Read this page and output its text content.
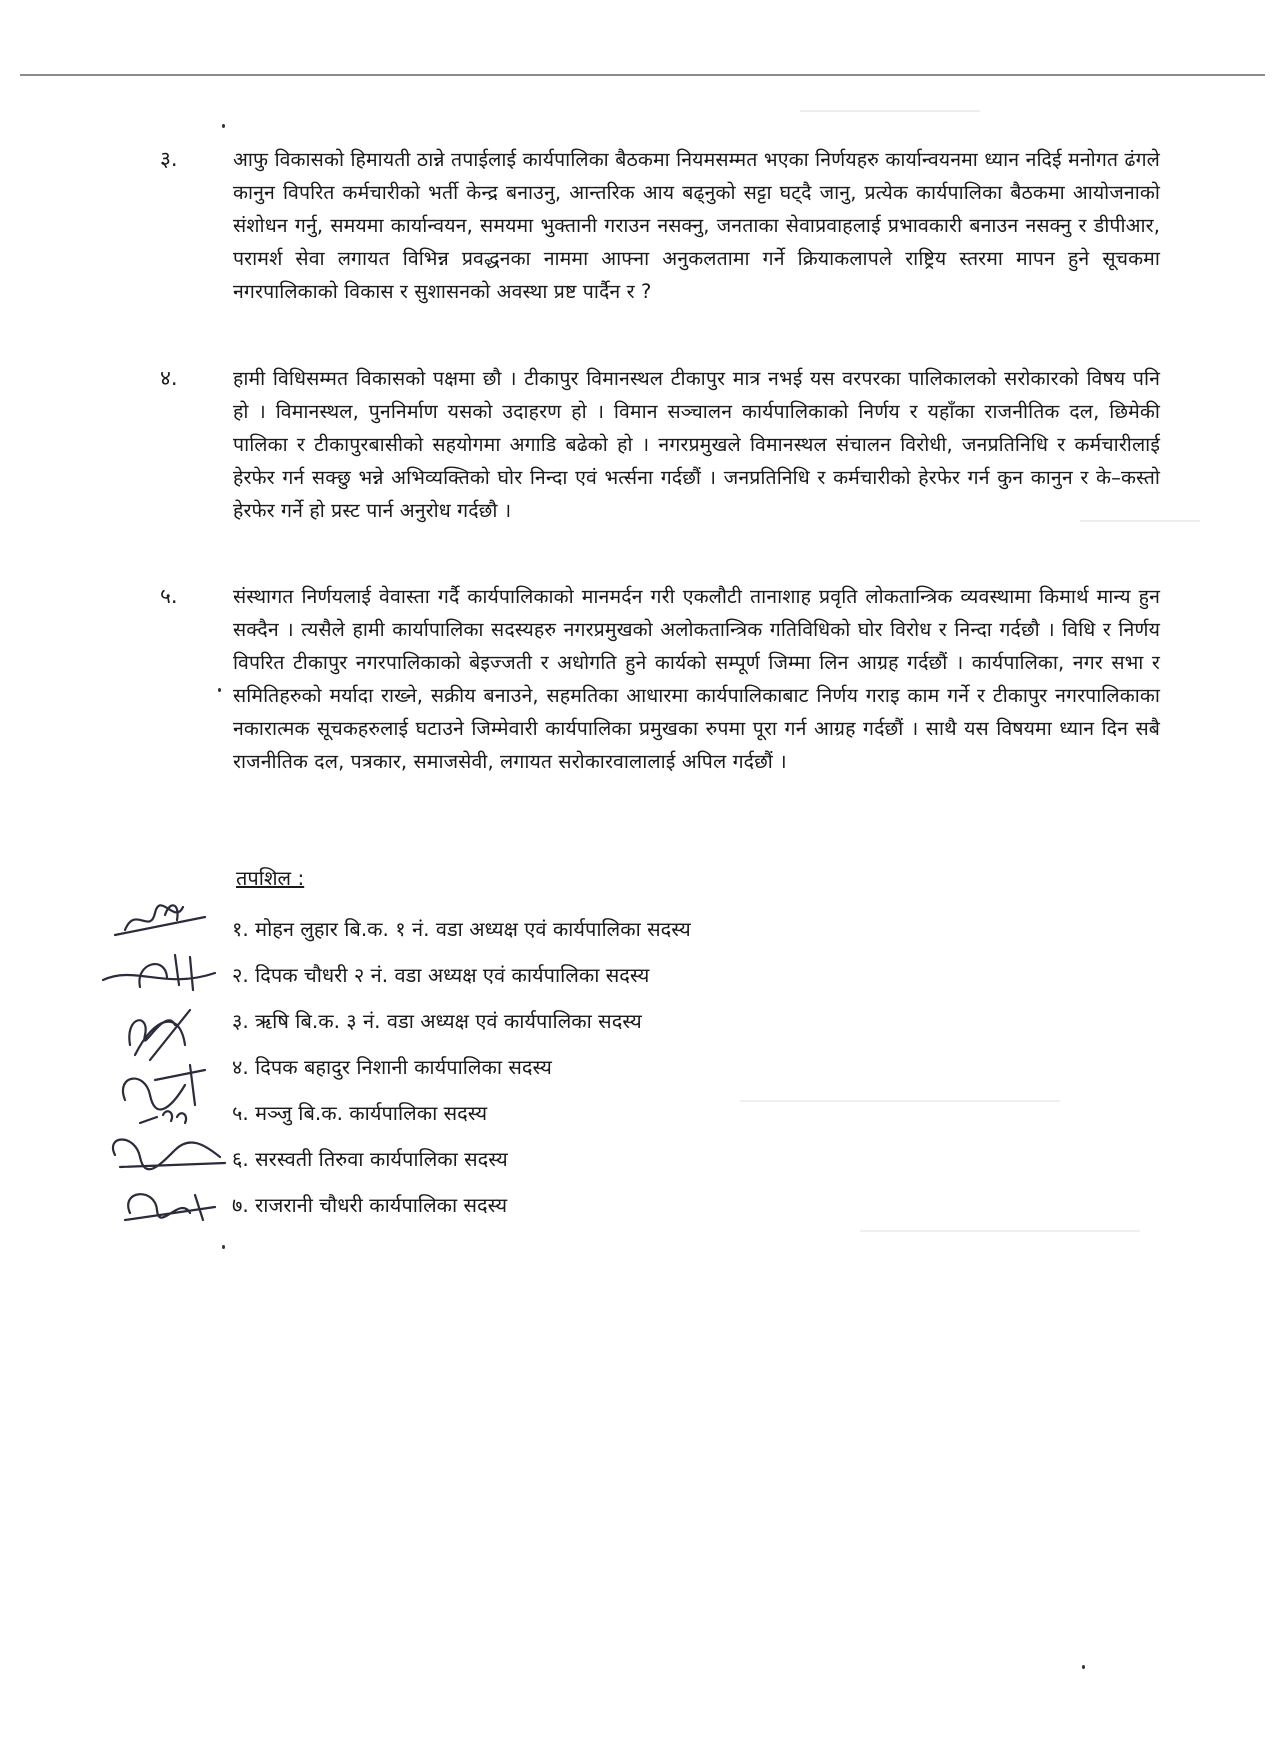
३.	आफु विकासको हिमायती ठान्ने तपाईलाई कार्यपालिका बैठकमा नियमसम्मत भएका निर्णयहरु कार्यान्वयनमा ध्यान नदिई मनोगत ढंगले कानुन विपरित कर्मचारीको भर्ती केन्द्र बनाउनु, आन्तरिक आय बढ्नुको सट्टा घट्दै जानु, प्रत्येक कार्यपालिका बैठकमा आयोजनाको संशोधन गर्नु, समयमा कार्यान्वयन, समयमा भुक्तानी गराउन नसक्नु, जनताका सेवाप्रवाहलाई प्रभावकारी बनाउन नसक्नु र डीपीआर, परामर्श सेवा लगायत विभिन्न प्रवद्धनका नाममा आफ्ना अनुकलतामा गर्ने क्रियाकलापले राष्ट्रिय स्तरमा मापन हुने सूचकमा नगरपालिकाको विकास र सुशासनको अवस्था प्रष्ट पार्दैन र ?
४.	हामी विधिसम्मत विकासको पक्षमा छौ । टीकापुर विमानस्थल टीकापुर मात्र नभई यस वरपरका पालिकालको सरोकारको विषय पनि हो । विमानस्थल, पुननिर्माण यसको उदाहरण हो । विमान सञ्चालन कार्यपालिकाको निर्णय र यहाँका राजनीतिक दल, छिमेकी पालिका र टीकापुरबासीको सहयोगमा अगाडि बढेको हो । नगरप्रमुखले विमानस्थल संचालन विरोधी, जनप्रतिनिधि र कर्मचारीलाई हेरफेर गर्न सक्छु भन्ने अभिव्यक्तिको घोर निन्दा एवं भर्त्सना गर्दछौं । जनप्रतिनिधि र कर्मचारीको हेरफेर गर्न कुन कानुन र के–कस्तो हेरफेर गर्ने हो प्रस्ट पार्न अनुरोध गर्दछौ ।
५.	संस्थागत निर्णयलाई वेवास्ता गर्दै कार्यपालिकाको मानमर्दन गरी एकलौटी तानाशाह प्रवृति लोकतान्त्रिक व्यवस्थामा किमार्थ मान्य हुन सक्दैन । त्यसैले हामी कार्यापालिका सदस्यहरु नगरप्रमुखको अलोकतान्त्रिक गतिविधिको घोर विरोध र निन्दा गर्दछौ । विधि र निर्णय विपरित टीकापुर नगरपालिकाको बेइज्जती र अधोगति हुने कार्यको सम्पूर्ण जिम्मा लिन आग्रह गर्दछौं । कार्यपालिका, नगर सभा र समितिहरुको मर्यादा राख्ने, सक्रीय बनाउने, सहमतिका आधारमा कार्यपालिकाबाट निर्णय गराइ काम गर्ने र टीकापुर नगरपालिकाका नकारात्मक सूचकहरुलाई घटाउने जिम्मेवारी कार्यपालिका प्रमुखका रुपमा पूरा गर्न आग्रह गर्दछौं । साथै यस विषयमा ध्यान दिन सबै राजनीतिक दल, पत्रकार, समाजसेवी, लगायत सरोकारवालालाई अपिल गर्दछौं ।
तपशिल :
१. मोहन लुहार बि.क. १ नं. वडा अध्यक्ष एवं कार्यपालिका सदस्य
२. दिपक चौधरी २ नं. वडा अध्यक्ष एवं कार्यपालिका सदस्य
३. ऋषि बि.क. ३ नं. वडा अध्यक्ष एवं कार्यपालिका सदस्य
४. दिपक बहादुर निशानी कार्यपालिका सदस्य
५. मञ्जु बि.क. कार्यपालिका सदस्य
६. सरस्वती तिरुवा कार्यपालिका सदस्य
७. राजरानी चौधरी कार्यपालिका सदस्य
